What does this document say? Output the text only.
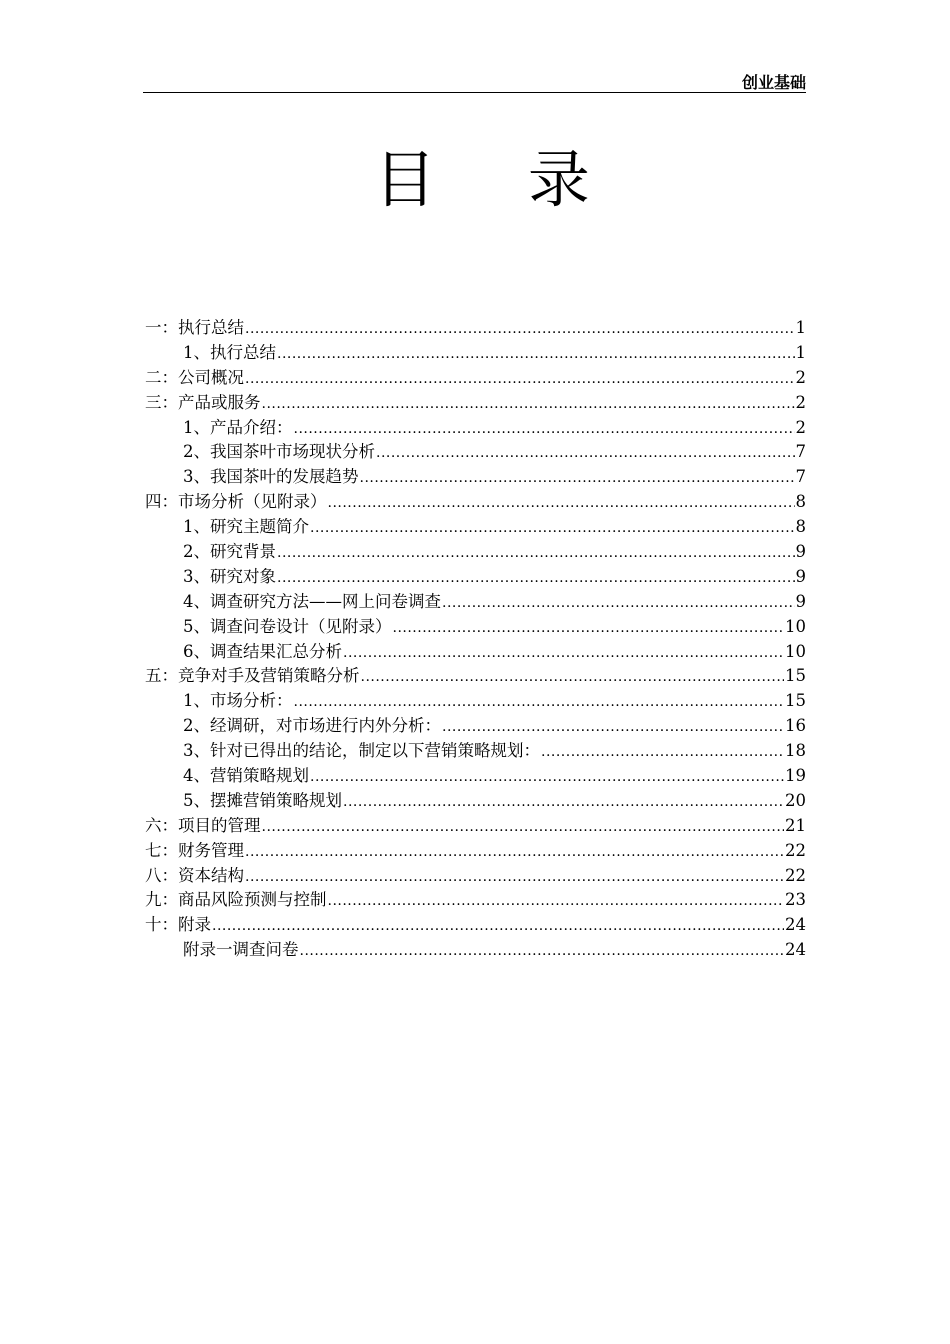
创业基础
目 录
一：执行总结 .....	1
1、执行总结 .....	1
二：公司概况 .....	2
三：产品或服务 .....	2
1、产品介绍： .....	2
2、我国茶叶市场现状分析 .....	7
3、我国茶叶的发展趋势 .....	7
四：市场分析（见附录） .....	8
1、研究主题简介 .....	8
2、研究背景 .....	9
3、研究对象 .....	9
4、调查研究方法——网上问卷调查 .....	9
5、调查问卷设计（见附录） .....	10
6、调查结果汇总分析 .....	10
五：竞争对手及营销策略分析 .....	15
1、市场分析： .....	15
2、经调研，对市场进行内外分析： .....	16
3、针对已得出的结论，制定以下营销策略规划： .....	18
4、营销策略规划 .....	19
5、摆摊营销策略规划 .....	20
六：项目的管理 .....	21
七：财务管理 .....	22
八：资本结构 .....	22
九：商品风险预测与控制 .....	23
十：附录 .....	24
附录一调查问卷 .....	24
